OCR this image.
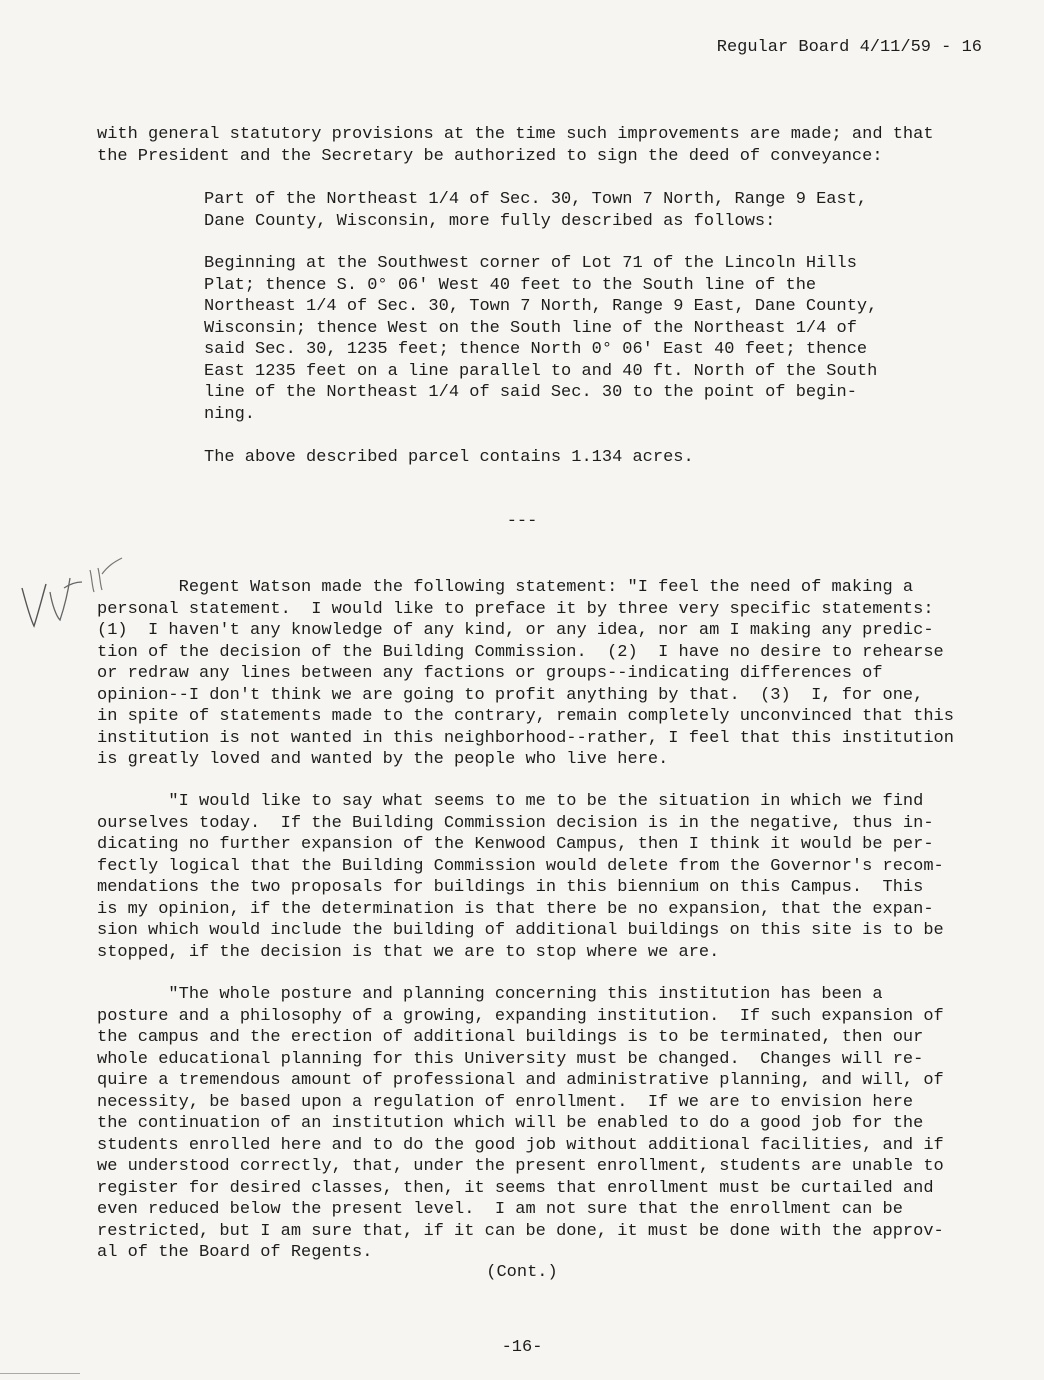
Regular Board 4/11/59 - 16
with general statutory provisions at the time such improvements are made; and that
the President and the Secretary be authorized to sign the deed of conveyance:
Part of the Northeast 1/4 of Sec. 30, Town 7 North, Range 9 East,
Dane County, Wisconsin, more fully described as follows:
Beginning at the Southwest corner of Lot 71 of the Lincoln Hills
Plat; thence S. 0° 06' West 40 feet to the South line of the
Northeast 1/4 of Sec. 30, Town 7 North, Range 9 East, Dane County,
Wisconsin; thence West on the South line of the Northeast 1/4 of
said Sec. 30, 1235 feet; thence North 0° 06' East 40 feet; thence
East 1235 feet on a line parallel to and 40 ft. North of the South
line of the Northeast 1/4 of said Sec. 30 to the point of begin-
ning.
The above described parcel contains 1.134 acres.
---
Regent Watson made the following statement: "I feel the need of making a
personal statement.  I would like to preface it by three very specific statements:
(1)  I haven't any knowledge of any kind, or any idea, nor am I making any predic-
tion of the decision of the Building Commission.  (2)  I have no desire to rehearse
or redraw any lines between any factions or groups--indicating differences of
opinion--I don't think we are going to profit anything by that.  (3)  I, for one,
in spite of statements made to the contrary, remain completely unconvinced that this
institution is not wanted in this neighborhood--rather, I feel that this institution
is greatly loved and wanted by the people who live here.
"I would like to say what seems to me to be the situation in which we find
ourselves today.  If the Building Commission decision is in the negative, thus in-
dicating no further expansion of the Kenwood Campus, then I think it would be per-
fectly logical that the Building Commission would delete from the Governor's recom-
mendations the two proposals for buildings in this biennium on this Campus.  This
is my opinion, if the determination is that there be no expansion, that the expan-
sion which would include the building of additional buildings on this site is to be
stopped, if the decision is that we are to stop where we are.
"The whole posture and planning concerning this institution has been a
posture and a philosophy of a growing, expanding institution.  If such expansion of
the campus and the erection of additional buildings is to be terminated, then our
whole educational planning for this University must be changed.  Changes will re-
quire a tremendous amount of professional and administrative planning, and will, of
necessity, be based upon a regulation of enrollment.  If we are to envision here
the continuation of an institution which will be enabled to do a good job for the
students enrolled here and to do the good job without additional facilities, and if
we understood correctly, that, under the present enrollment, students are unable to
register for desired classes, then, it seems that enrollment must be curtailed and
even reduced below the present level.  I am not sure that the enrollment can be
restricted, but I am sure that, if it can be done, it must be done with the approv-
al of the Board of Regents.
(Cont.)
-16-
